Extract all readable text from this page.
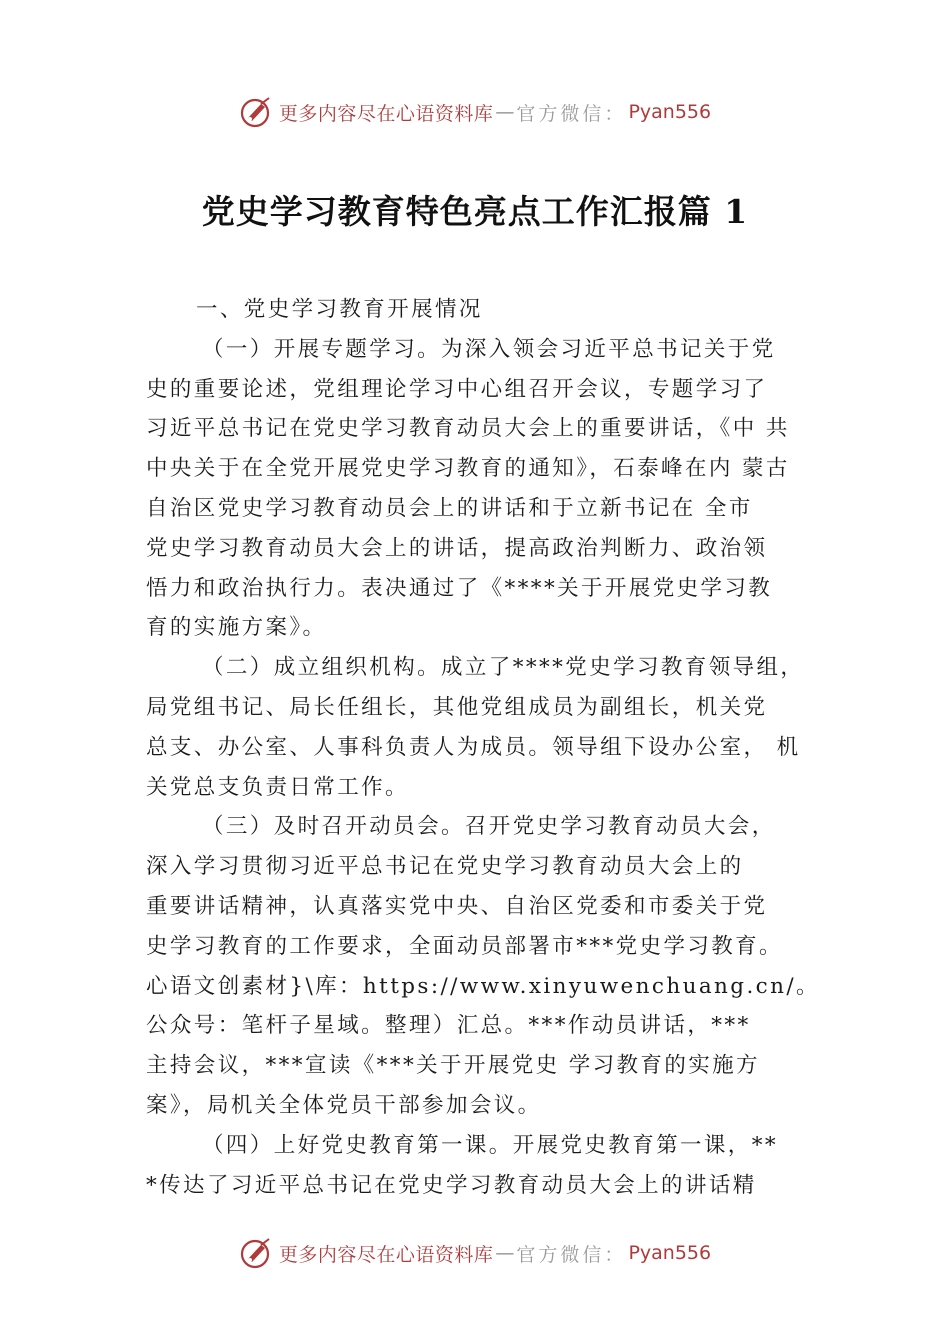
更多内容尽在心语资料库 — 官方微信： Pyan556
党史学习教育特色亮点工作汇报篇 1

一、党史学习教育开展情况

（一）开展专题学习。为深入领会习近平总书记关于党
史的重要论述，党组理论学习中心组召开会议，专题学习了
习近平总书记在党史学习教育动员大会上的重要讲话，《中 共
中央关于在全党开展党史学习教育的通知》，石泰峰在内 蒙古
自治区党史学习教育动员会上的讲话和于立新书记在 全市
党史学习教育动员大会上的讲话，提高政治判断力、政治领
悟力和政治执行力。表决通过了《****关于开展党史学习教
育的实施方案》。

（二）成立组织机构。成立了****党史学习教育领导组，
局党组书记、局长任组长，其他党组成员为副组长，机关党
总支、办公室、人事科负责人为成员。领导组下设办公室， 机
关党总支负责日常工作。

（三）及时召开动员会。召开党史学习教育动员大会，
深入学习贯彻习近平总书记在党史学习教育动员大会上的
重要讲话精神，认真落实党中央、自治区党委和市委关于党
史学习教育的工作要求，全面动员部署市***党史学习教育。
心语文创素材}\库：https://www.xinyuwenchuang.cn/。
公众号：笔杆子星域。整理）汇总。***作动员讲话，***
主持会议，***宣读《***关于开展党史 学习教育的实施方
案》，局机关全体党员干部参加会议。

（四）上好党史教育第一课。开展党史教育第一课，**
*传达了习近平总书记在党史学习教育动员大会上的讲话精

更多内容尽在心语资料库 — 官方微信： Pyan556
